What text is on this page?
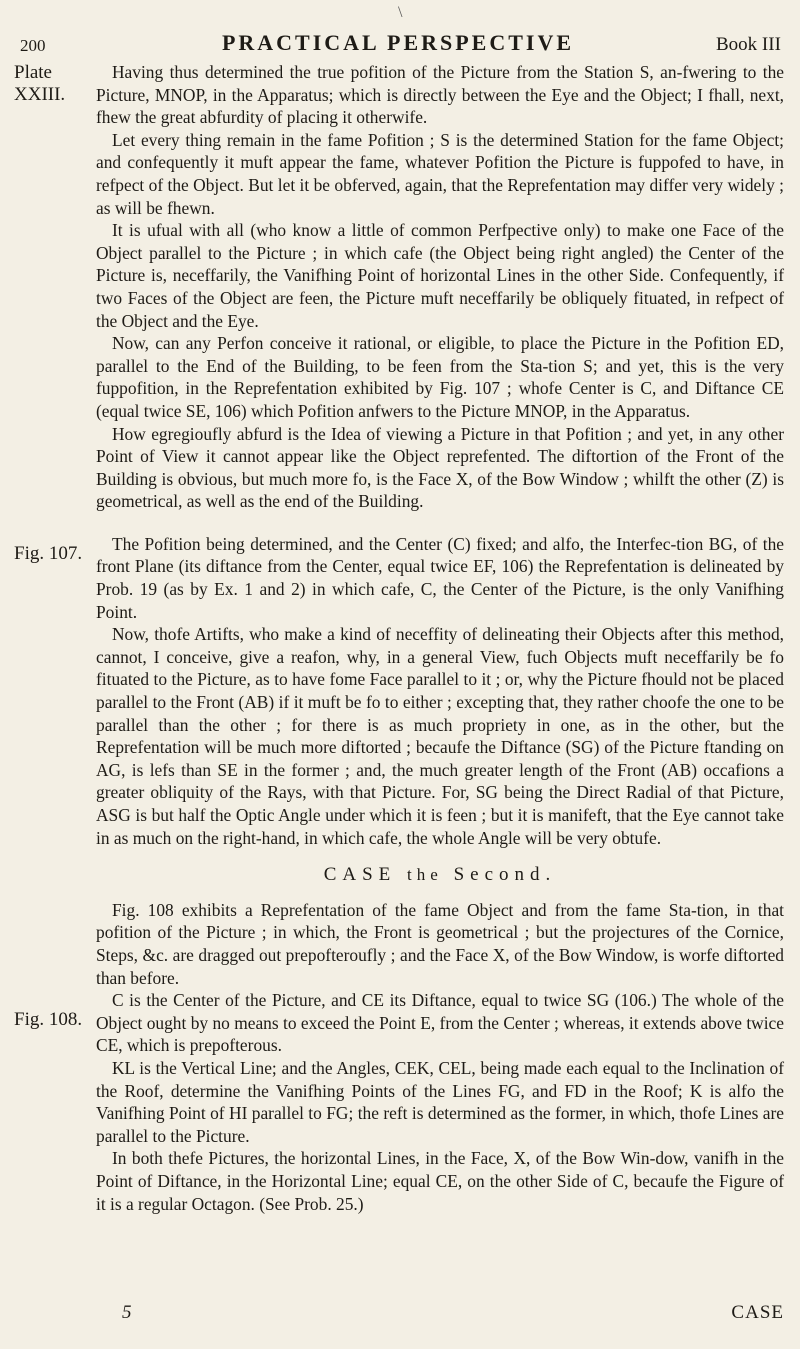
\
200	PRACTICAL PERSPECTIVE	Book III
Plate
XXIII.
Fig. 107.
Fig. 108.

Having thus determined the true pofition of the Picture from the Station S, an-fwering to the Picture, MNOP, in the Apparatus; which is directly between the Eye and the Object; I fhall, next, fhew the great abfurdity of placing it otherwife.

Let every thing remain in the fame Pofition ; S is the determined Station for the fame Object; and confequently it muft appear the fame, whatever Pofition the Picture is fuppofed to have, in refpect of the Object. But let it be obferved, again, that the Reprefentation may differ very widely ; as will be fhewn.

It is ufual with all (who know a little of common Perfpective only) to make one Face of the Object parallel to the Picture ; in which cafe (the Object being right angled) the Center of the Picture is, neceffarily, the Vanifhing Point of horizontal Lines in the other Side. Confequently, if two Faces of the Object are feen, the Picture muft neceffarily be obliquely fituated, in refpect of the Object and the Eye.

Now, can any Perfon conceive it rational, or eligible, to place the Picture in the Pofition ED, parallel to the End of the Building, to be feen from the Sta-tion S; and yet, this is the very fuppofition, in the Reprefentation exhibited by Fig. 107 ; whofe Center is C, and Diftance CE (equal twice SE, 106) which Pofition anfwers to the Picture MNOP, in the Apparatus.

How egregioufly abfurd is the Idea of viewing a Picture in that Pofition ; and yet, in any other Point of View it cannot appear like the Object reprefented. The diftortion of the Front of the Building is obvious, but much more fo, is the Face X, of the Bow Window ; whilft the other (Z) is geometrical, as well as the end of the Building.

The Pofition being determined, and the Center (C) fixed; and alfo, the Interfec-tion BG, of the front Plane (its diftance from the Center, equal twice EF, 106) the Reprefentation is delineated by Prob. 19 (as by Ex. 1 and 2) in which cafe, C, the Center of the Picture, is the only Vanifhing Point.

Now, thofe Artifts, who make a kind of neceffity of delineating their Objects after this method, cannot, I conceive, give a reafon, why, in a general View, fuch Objects muft neceffarily be fo fituated to the Picture, as to have fome Face parallel to it ; or, why the Picture fhould not be placed parallel to the Front (AB) if it muft be fo to either ; excepting that, they rather choofe the one to be parallel than the other ; for there is as much propriety in one, as in the other, but the Reprefentation will be much more diftorted ; becaufe the Diftance (SG) of the Picture ftanding on AG, is lefs than SE in the former ; and, the much greater length of the Front (AB) occafions a greater obliquity of the Rays, with that Picture. For, SG being the Direct Radial of that Picture, ASG is but half the Optic Angle under which it is feen ; but it is manifeft, that the Eye cannot take in as much on the right-hand, in which cafe, the whole Angle will be very obtufe.

CASE the Second.

Fig. 108 exhibits a Reprefentation of the fame Object and from the fame Sta-tion, in that pofition of the Picture ; in which, the Front is geometrical ; but the projectures of the Cornice, Steps, &c. are dragged out prepofteroufly ; and the Face X, of the Bow Window, is worfe diftorted than before.

C is the Center of the Picture, and CE its Diftance, equal to twice SG (106.) The whole of the Object ought by no means to exceed the Point E, from the Center ; whereas, it extends above twice CE, which is prepofterous.

KL is the Vertical Line; and the Angles, CEK, CEL, being made each equal to the Inclination of the Roof, determine the Vanifhing Points of the Lines FG, and FD in the Roof; K is alfo the Vanifhing Point of HI parallel to FG; the reft is determined as the former, in which, thofe Lines are parallel to the Picture.

In both thefe Pictures, the horizontal Lines, in the Face, X, of the Bow Win-dow, vanifh in the Point of Diftance, in the Horizontal Line; equal CE, on the other Side of C, becaufe the Figure of it is a regular Octagon. (See Prob. 25.)

5	CASE
